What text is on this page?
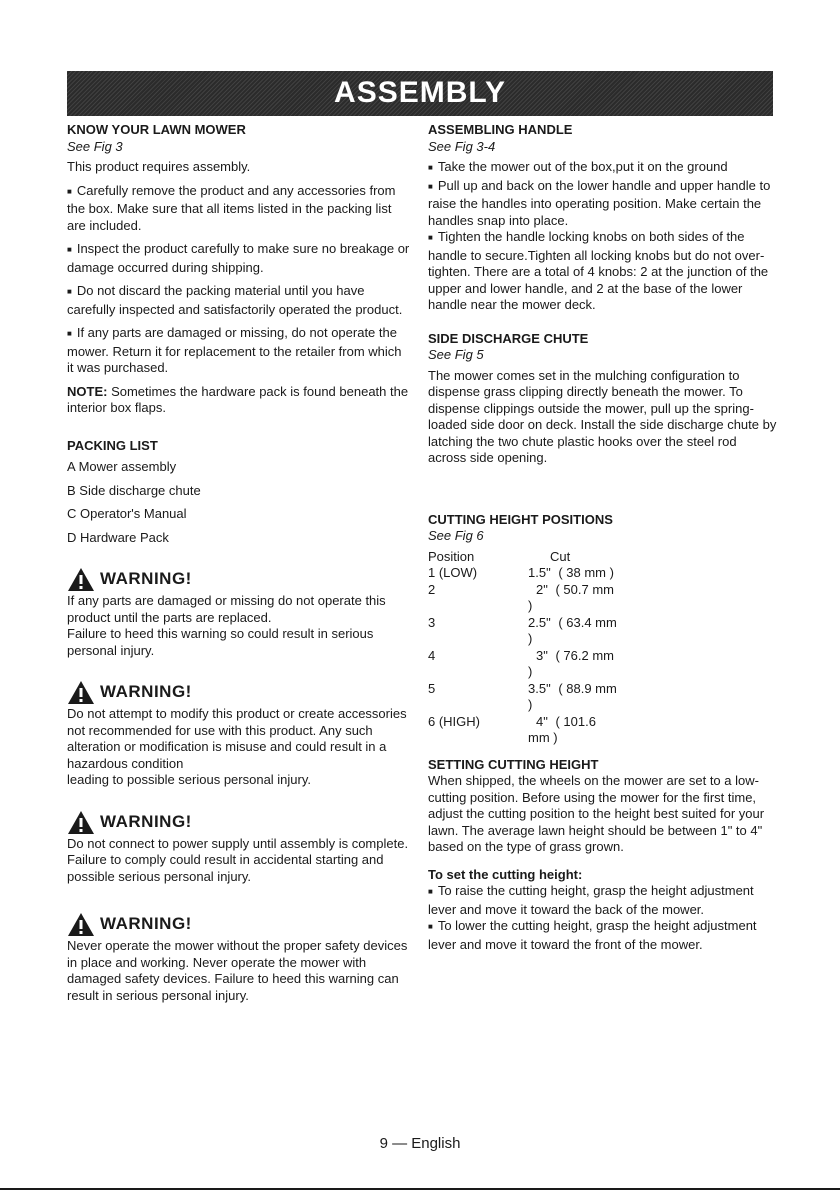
ASSEMBLY
KNOW YOUR LAWN MOWER
See Fig 3

This product requires assembly.

■ Carefully remove the product and any accessories from the box. Make sure that all items listed in the packing list are included.

■ Inspect the product carefully to make sure no breakage or damage occurred during shipping.

■ Do not discard the packing material until you have carefully inspected and satisfactorily operated the product.

■ If any parts are damaged or missing, do not operate the mower. Return it for replacement to the retailer from which it was purchased.

NOTE: Sometimes the hardware pack is found beneath the interior box flaps.

PACKING LIST

A Mower assembly

B Side discharge chute

C Operator's Manual

D Hardware Pack

WARNING!
If any parts are damaged or missing do not operate this product until the parts are replaced.

Failure to heed this warning so could result in serious personal injury.

WARNING!
Do not attempt to modify this product or create accessories not recommended for use with this product. Any such alteration or modification is misuse and could result in a hazardous condition

leading to possible serious personal injury.

WARNING!

Do not connect to power supply until assembly is complete. Failure to comply could result in accidental starting and possible serious personal injury.

WARNING!

Never operate the mower without the proper safety devices in place and working. Never operate the mower with damaged safety devices. Failure to heed this warning can result in serious personal injury.

ASSEMBLING HANDLE
See Fig 3-4
■ Take the mower out of the box,put it on the ground
■ Pull up and back on the lower handle and upper handle to raise the handles into operating position. Make certain the handles snap into place.

■ Tighten the handle locking knobs on both sides of the handle to secure.Tighten all locking knobs but do not over-tighten. There are a total of 4 knobs: 2 at the junction of the upper and lower handle, and 2 at the base of the lower handle near the mower deck.

SIDE DISCHARGE CHUTE
See Fig 5

The mower comes set in the mulching configuration to dispense grass clipping directly beneath the mower. To dispense clippings outside the mower, pull up the spring-loaded side door on deck. Install the side discharge chute by latching the two chute plastic hooks over the steel rod across side opening.

CUTTING HEIGHT POSITIONS
See Fig 6
Position	Cut
1 (LOW)	1.5" ( 38 mm )
2	2" ( 50.7 mm )
3	2.5" ( 63.4 mm )
4	3" ( 76.2 mm )
5	3.5" ( 88.9 mm )
6 (HIGH)	4" ( 101.6 mm )
SETTING CUTTING HEIGHT

When shipped, the wheels on the mower are set to a low-cutting position. Before using the mower for the first time, adjust the cutting position to the height best suited for your lawn. The average lawn height should be between 1" to 4" based on the type of grass grown.

To set the cutting height:
■ To raise the cutting height, grasp the height adjustment lever and move it toward the back of the mower.
■ To lower the cutting height, grasp the height adjustment lever and move it toward the front of the mower.
9 — English
